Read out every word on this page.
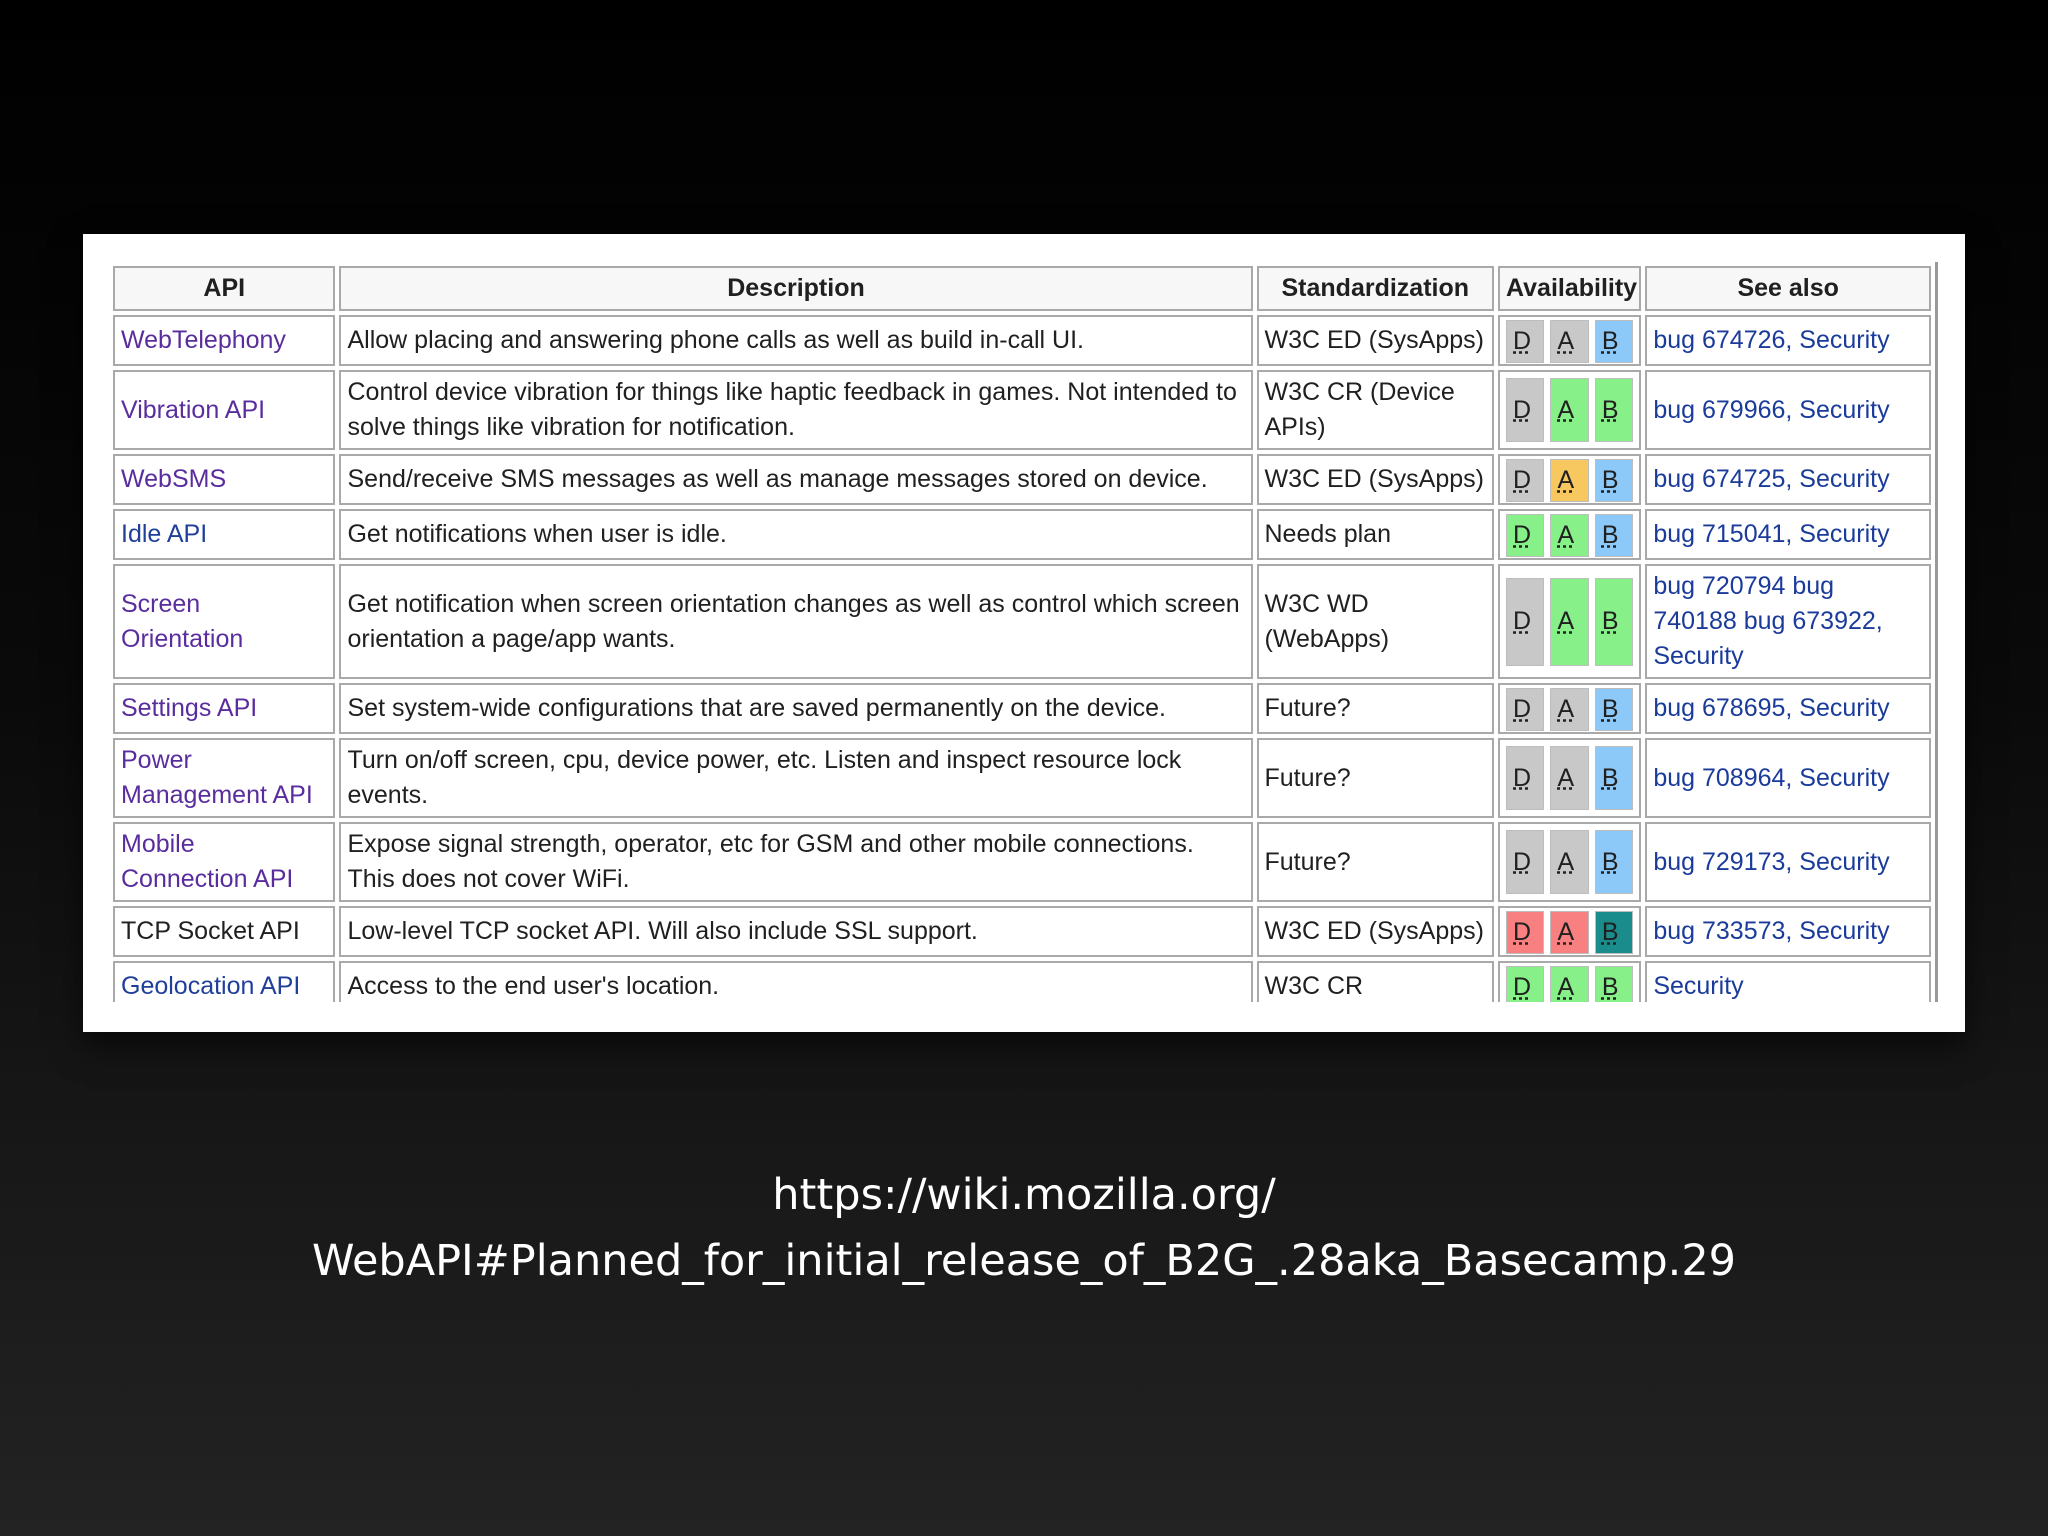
API	Description	Standardization	Availability	See also
WebTelephony	Allow placing and answering phone calls as well as build in-call UI.	W3C ED (SysApps)	D A B	bug 674726, Security
Vibration API	Control device vibration for things like haptic feedback in games. Not intended to solve things like vibration for notification.	W3C CR (Device APIs)	D A B	bug 679966, Security
WebSMS	Send/receive SMS messages as well as manage messages stored on device.	W3C ED (SysApps)	D A B	bug 674725, Security
Idle API	Get notifications when user is idle.	Needs plan	D A B	bug 715041, Security
Screen Orientation	Get notification when screen orientation changes as well as control which screen orientation a page/app wants.	W3C WD (WebApps)	D A B	bug 720794 bug 740188 bug 673922, Security
Settings API	Set system-wide configurations that are saved permanently on the device.	Future?	D A B	bug 678695, Security
Power Management API	Turn on/off screen, cpu, device power, etc. Listen and inspect resource lock events.	Future?	D A B	bug 708964, Security
Mobile Connection API	Expose signal strength, operator, etc for GSM and other mobile connections. This does not cover WiFi.	Future?	D A B	bug 729173, Security
TCP Socket API	Low-level TCP socket API. Will also include SSL support.	W3C ED (SysApps)	D A B	bug 733573, Security
Geolocation API	Access to the end user's location.	W3C CR	D A B	Security
https://wiki.mozilla.org/
WebAPI#Planned_for_initial_release_of_B2G_.28aka_Basecamp.29
